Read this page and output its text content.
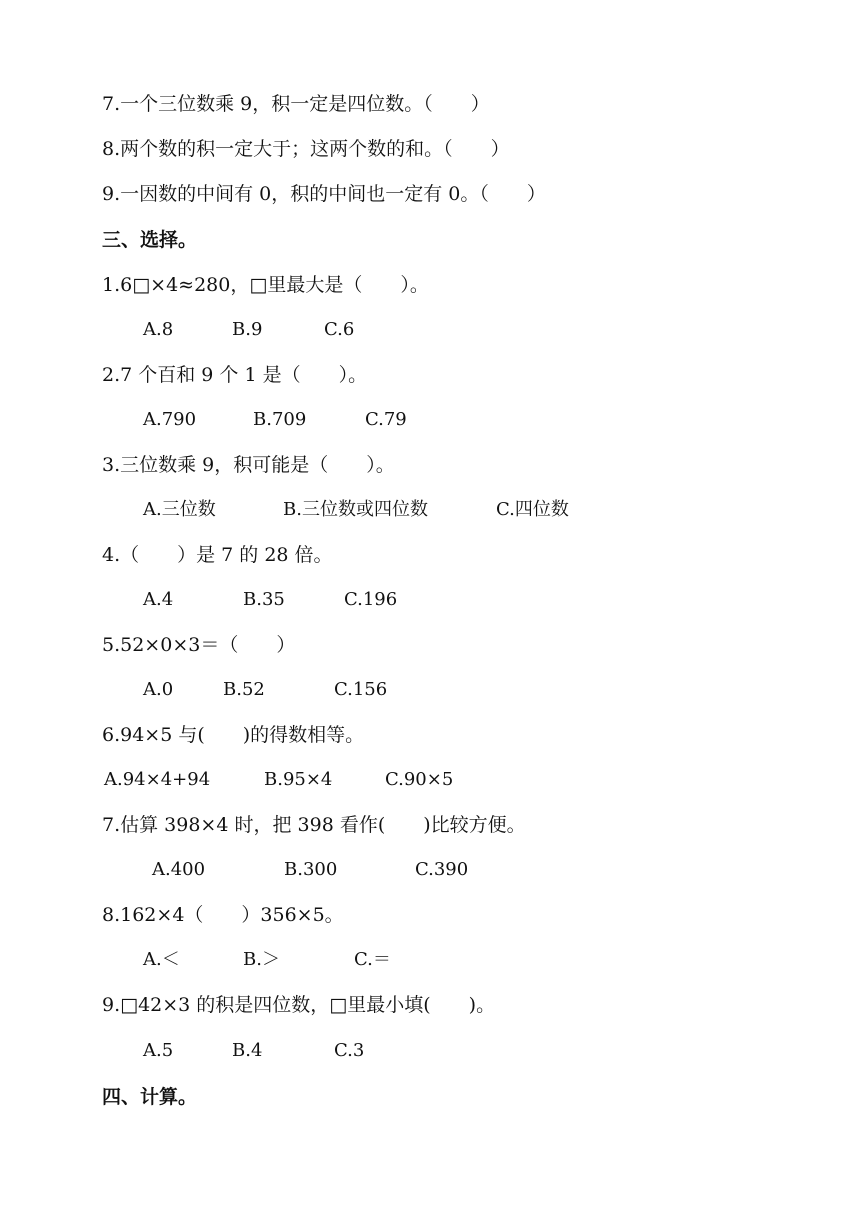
7.一个三位数乘 9，积一定是四位数。（　　）
8.两个数的积一定大于；这两个数的和。（　　）
9.一因数的中间有 0，积的中间也一定有 0。（　　）
三、选择。
1.6□×4≈280，□里最大是（　　）。
A.8	B.9	C.6
2.7 个百和 9 个 1 是（　　）。
A.790	B.709	C.79
3.三位数乘 9，积可能是（　　）。
A.三位数	B.三位数或四位数	C.四位数
4.（　　）是 7 的 28 倍。
A.4	B.35	C.196
5.52×0×3＝（　　）
A.0	B.52	C.156
6.94×5 与(　　)的得数相等。
A.94×4+94	B.95×4	C.90×5
7.估算 398×4 时，把 398 看作(　　)比较方便。
A.400	B.300	C.390
8.162×4（　　）356×5。
A.＜	B.＞	C.＝
9.□42×3 的积是四位数，□里最小填(　　)。
A.5	B.4	C.3
四、计算。
